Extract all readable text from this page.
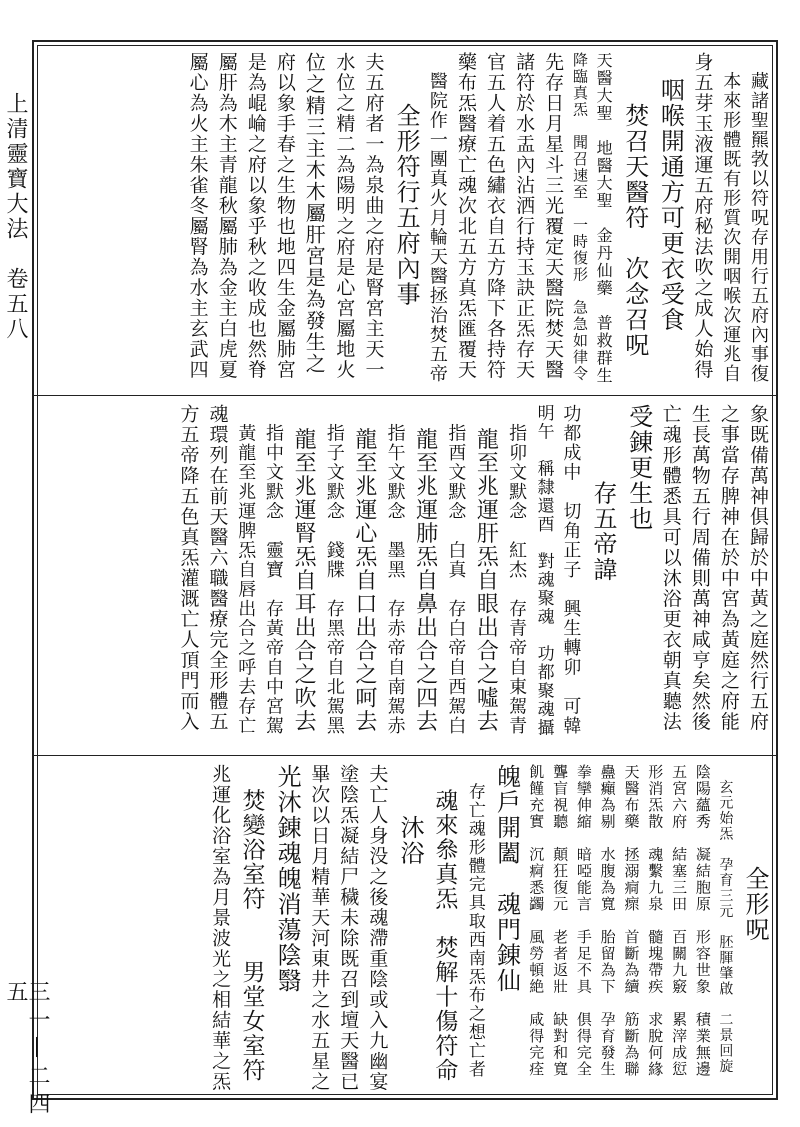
上清靈寶大法　卷五八
三一—二四五
　藏諸聖羆㪍以符呪存用行五府內事復
　本來形體既有形質次開咽喉次運兆自
身五芽玉液運五府秘法吹之成人始得
　咽喉開通方可更衣受食
　　焚召天醫符　次念召呪
天醫大聖　地醫大聖　金丹仙藥　普救群生
降臨真炁　聞召速至　一時復形　急急如律令
先存日月星斗三光覆定天醫院焚天醫
諸符於水盂內沾洒行持玉訣正炁存天
官五人着五色繡衣自五方降下各持符
藥布炁醫療亡魂次北五方真炁匯覆天
　醫院作一團真火月輪天醫拯治焚五帝
　　全形符行五府內事
夫五府者一為泉曲之府是腎宮主天一
水位之精二為陽明之府是心宮屬地火
位之精三主木木屬肝宮是為發生之
府以象手春之生物也地四生金屬肺宮
是為崐崘之府以象乎秋之收成也然脊
屬肝為木主青龍秋屬肺為金主白虎夏
屬心為火主朱雀冬屬腎為水主玄武四
象既備萬神俱歸於中黃之庭然行五府
之事當存脾神在於中宮為黃庭之府能
生長萬物五行周備則萬神咸亨矣然後
亡魂形體悉具可以沐浴更衣朝真聽法
受錬更生也
　　　存五帝諱
功都成中　切角正子　興生轉卯　可韓
明午　稱隸還酉　對魂聚魂　功都聚魂攝
　指卯文默念　紅杰　存青帝自東駕青
　龍至兆運肝炁自眼出合之噓去
　指酉文默念　白真　存白帝自西駕白
　龍至兆運肺炁自鼻出合之四去
　指午文默念　墨黑　存赤帝自南駕赤
　龍至兆運心炁自口出合之呵去
　指子文默念　錢牒　存黑帝自北駕黑
　龍至兆運腎炁自耳出合之吹去
　指中文默念　靈寶　存黃帝自中宮駕
　黃龍至兆運脾炁自唇出合之呼去存亡
魂環列在前天醫六職醫療完全形體五
方五帝降五色真炁灌溉亡人頂門而入
　　　　全形呪
　玄元始炁　孕育三元　胚腪肇啟　二景回旋
陰陽蘊秀　凝結胞原　形容世象　積業無邊
五宮六府　結塞三田　百關九竅　累滓成愆
形消炁散　魂繫九泉　髓塊帶疾　求脫何緣
天醫布藥　拯溺痌瘝　首斷為續　筋斷為聯
蠱癲為剔　水腹為寬　胎留為下　孕育發生
拳攣伸縮　暗啞能言　手足不具　俱得完全
聾盲視聽　顛狂復元　老者返壯　缺對和寬
飢饉充實　沉痾悉蠲　風勞頓絶　咸得完痊
魄戶開闔　魂門錬仙
　存亡魂形體完具取西南炁布之想亡者
　魂來叅真炁　焚解十傷符命
　　沐浴
夫亡人身没之後魂滯重陰或入九幽宴
塗陰炁凝結尸穢未除既召到壇天醫已
畢次以日月精華天河東井之水五星之
光沐錬魂魄消蕩陰翳
　焚變浴室符　　男堂女室符
兆運化浴室為月景波光之相結華之炁
